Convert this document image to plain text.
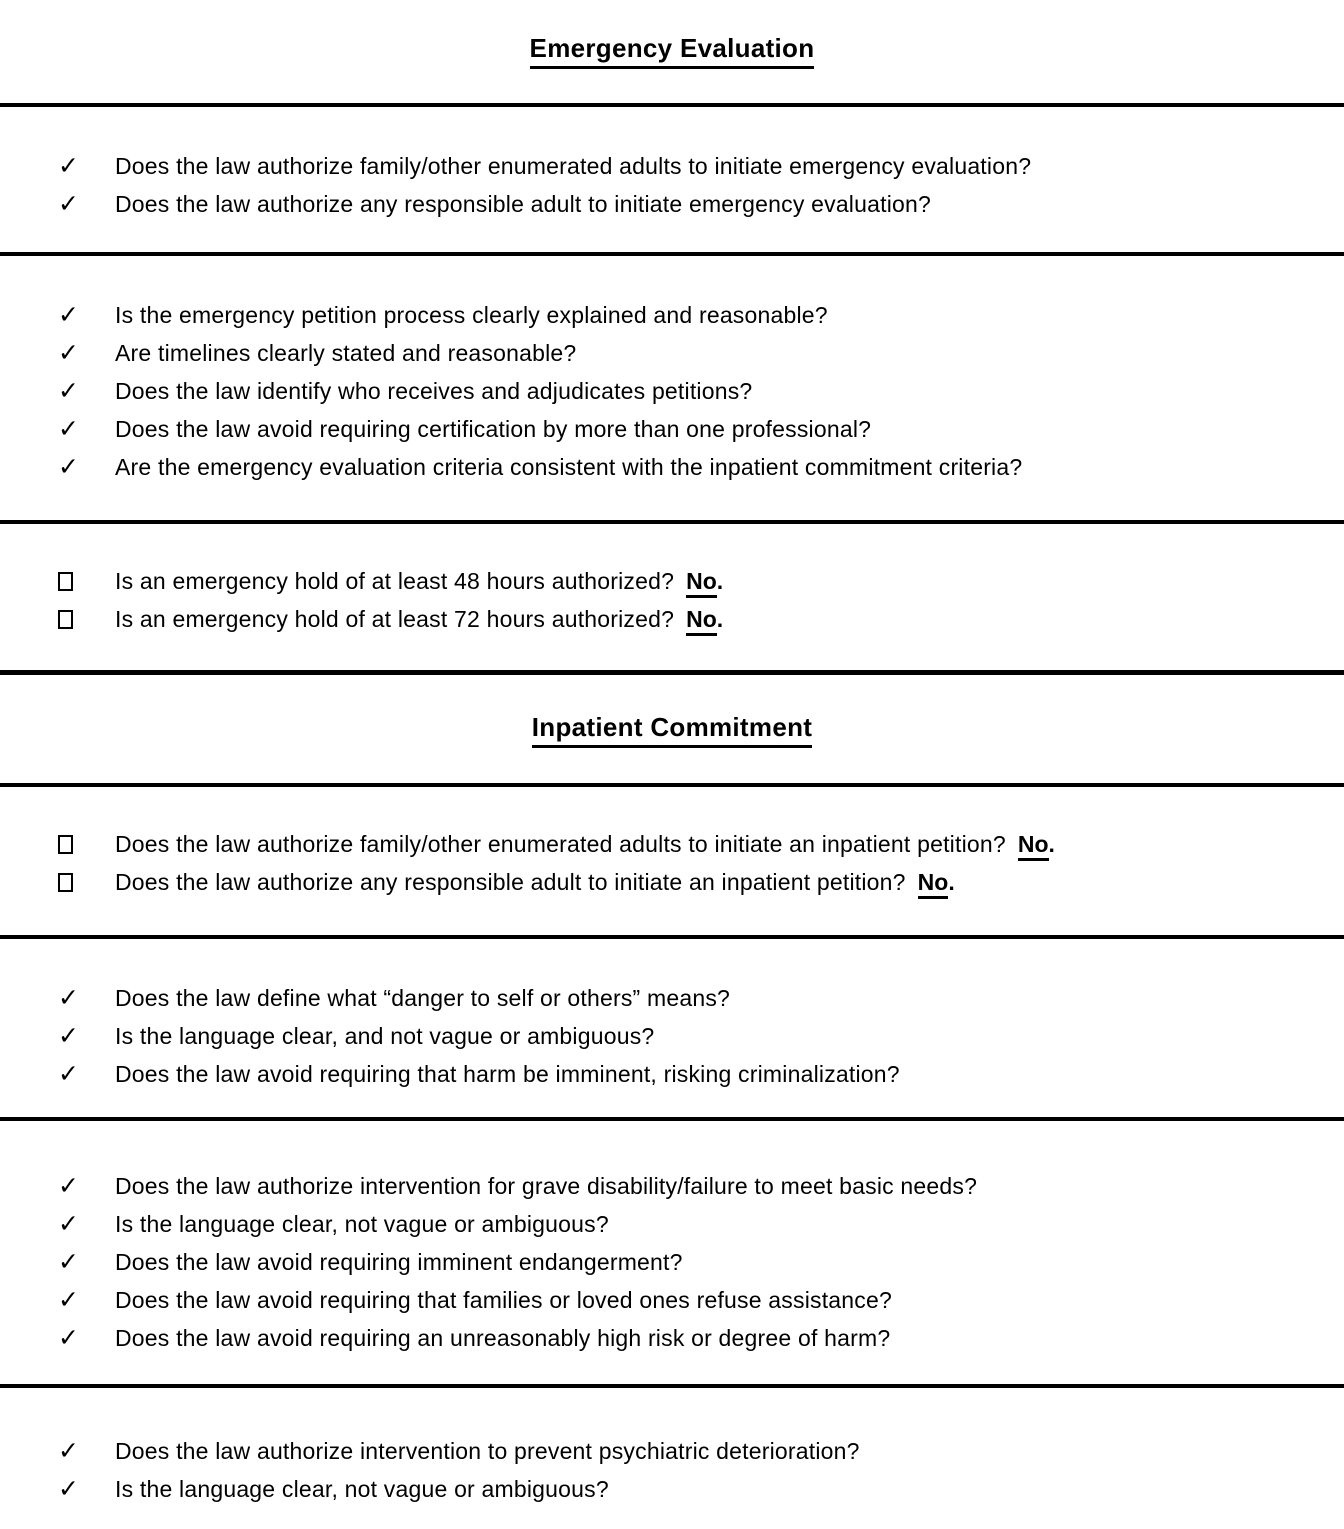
Emergency Evaluation
✓ Does the law authorize family/other enumerated adults to initiate emergency evaluation?
✓ Does the law authorize any responsible adult to initiate emergency evaluation?
✓ Is the emergency petition process clearly explained and reasonable?
✓ Are timelines clearly stated and reasonable?
✓ Does the law identify who receives and adjudicates petitions?
✓ Does the law avoid requiring certification by more than one professional?
✓ Are the emergency evaluation criteria consistent with the inpatient commitment criteria?
Is an emergency hold of at least 48 hours authorized? No.
Is an emergency hold of at least 72 hours authorized? No.
Inpatient Commitment
Does the law authorize family/other enumerated adults to initiate an inpatient petition? No.
Does the law authorize any responsible adult to initiate an inpatient petition? No.
✓ Does the law define what “danger to self or others” means?
✓ Is the language clear, and not vague or ambiguous?
✓ Does the law avoid requiring that harm be imminent, risking criminalization?
✓ Does the law authorize intervention for grave disability/failure to meet basic needs?
✓ Is the language clear, not vague or ambiguous?
✓ Does the law avoid requiring imminent endangerment?
✓ Does the law avoid requiring that families or loved ones refuse assistance?
✓ Does the law avoid requiring an unreasonably high risk or degree of harm?
✓ Does the law authorize intervention to prevent psychiatric deterioration?
✓ Is the language clear, not vague or ambiguous?
